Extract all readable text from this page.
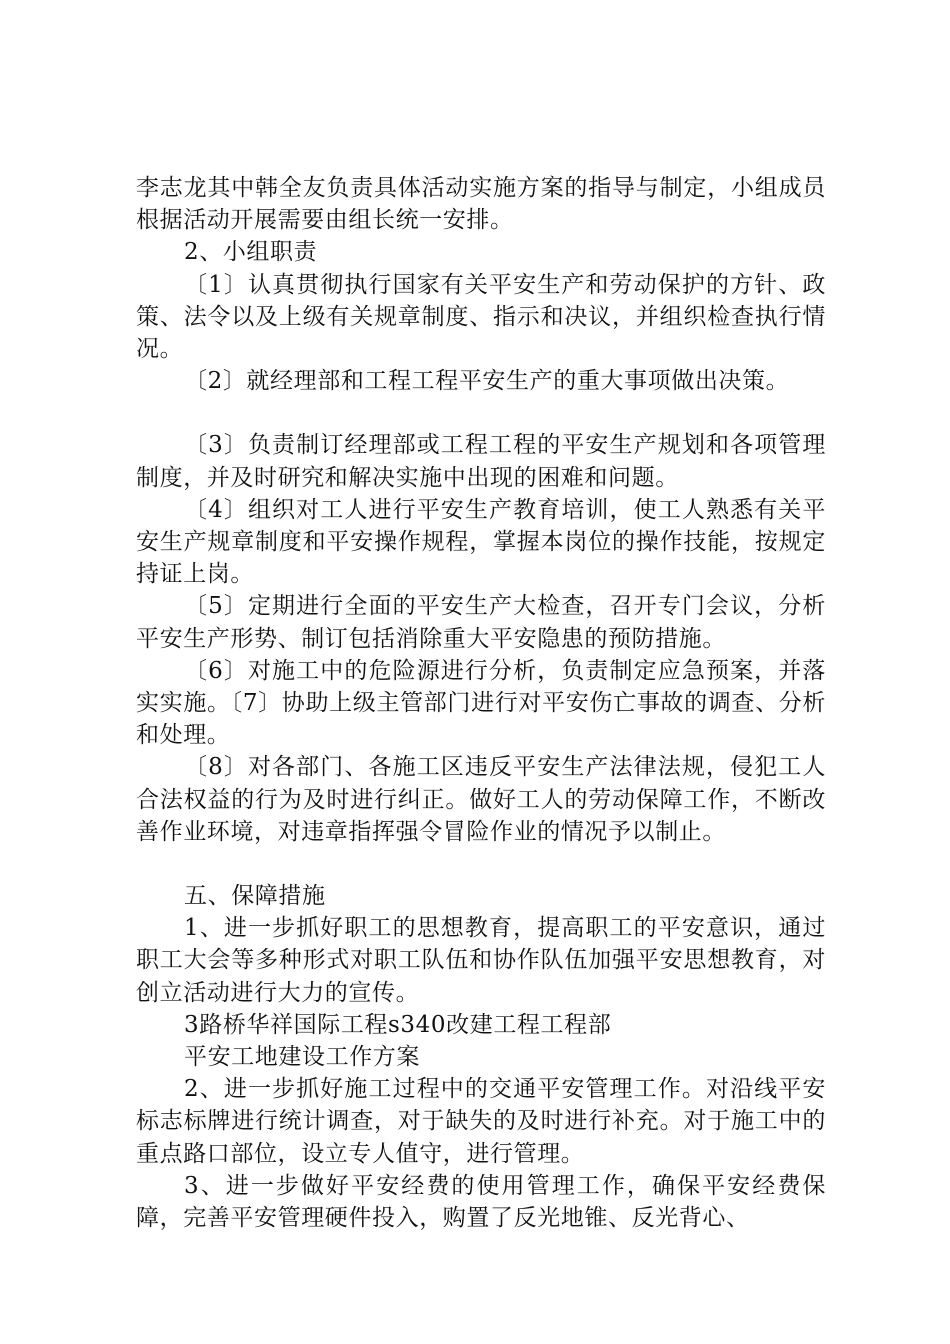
李志龙其中韩全友负责具体活动实施方案的指导与制定，小组成员根据活动开展需要由组长统一安排。

2、小组职责

〔1〕认真贯彻执行国家有关平安生产和劳动保护的方针、政策、法令以及上级有关规章制度、指示和决议，并组织检查执行情况。

〔2〕就经理部和工程工程平安生产的重大事项做出决策。

〔3〕负责制订经理部或工程工程的平安生产规划和各项管理制度，并及时研究和解决实施中出现的困难和问题。

〔4〕组织对工人进行平安生产教育培训，使工人熟悉有关平安生产规章制度和平安操作规程，掌握本岗位的操作技能，按规定持证上岗。

〔5〕定期进行全面的平安生产大检查，召开专门会议，分析平安生产形势、制订包括消除重大平安隐患的预防措施。

〔6〕对施工中的危险源进行分析，负责制定应急预案，并落实实施。〔7〕协助上级主管部门进行对平安伤亡事故的调查、分析和处理。

〔8〕对各部门、各施工区违反平安生产法律法规，侵犯工人合法权益的行为及时进行纠正。做好工人的劳动保障工作，不断改善作业环境，对违章指挥强令冒险作业的情况予以制止。

五、保障措施

1、进一步抓好职工的思想教育，提高职工的平安意识，通过职工大会等多种形式对职工队伍和协作队伍加强平安思想教育，对创立活动进行大力的宣传。

3路桥华祥国际工程s340改建工程工程部

平安工地建设工作方案

2、进一步抓好施工过程中的交通平安管理工作。对沿线平安标志标牌进行统计调查，对于缺失的及时进行补充。对于施工中的重点路口部位，设立专人值守，进行管理。

3、进一步做好平安经费的使用管理工作，确保平安经费保障，完善平安管理硬件投入，购置了反光地锥、反光背心、
